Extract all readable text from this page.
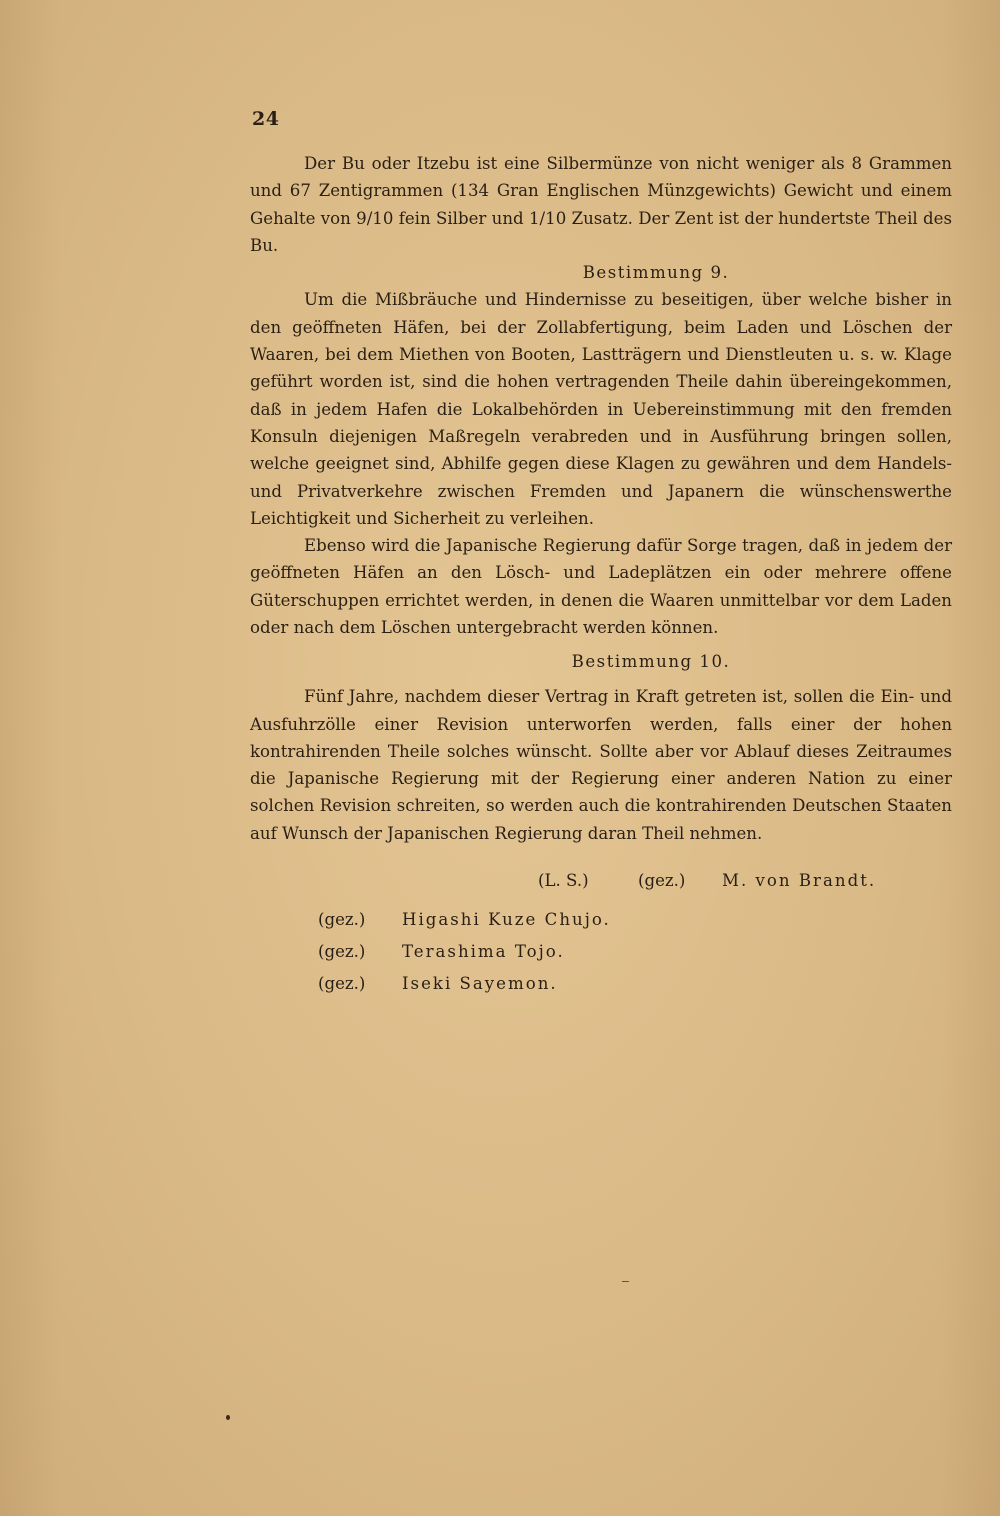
24

Der Bu oder Itzebu ist eine Silbermünze von nicht weniger als 8 Grammen und 67 Zentigrammen (134 Gran Englischen Münzgewichts) Gewicht und einem Gehalte von 9/10 fein Silber und 1/10 Zusatz. Der Zent ist der hundertste Theil des Bu.

Bestimmung 9.

Um die Mißbräuche und Hindernisse zu beseitigen, über welche bisher in den geöffneten Häfen, bei der Zollabfertigung, beim Laden und Löschen der Waaren, bei dem Miethen von Booten, Lastträgern und Dienstleuten u. s. w. Klage geführt worden ist, sind die hohen vertragenden Theile dahin übereingekommen, daß in jedem Hafen die Lokalbehörden in Uebereinstimmung mit den fremden Konsuln diejenigen Maßregeln verabreden und in Ausführung bringen sollen, welche geeignet sind, Abhilfe gegen diese Klagen zu gewähren und dem Handels- und Privatverkehre zwischen Fremden und Japanern die wünschenswerthe Leichtigkeit und Sicherheit zu verleihen.

Ebenso wird die Japanische Regierung dafür Sorge tragen, daß in jedem der geöffneten Häfen an den Lösch- und Ladeplätzen ein oder mehrere offene Güterschuppen errichtet werden, in denen die Waaren unmittelbar vor dem Laden oder nach dem Löschen untergebracht werden können.

Bestimmung 10.

Fünf Jahre, nachdem dieser Vertrag in Kraft getreten ist, sollen die Ein- und Ausfuhrzölle einer Revision unterworfen werden, falls einer der hohen kontrahirenden Theile solches wünscht. Sollte aber vor Ablauf dieses Zeitraumes die Japanische Regierung mit der Regierung einer anderen Nation zu einer solchen Revision schreiten, so werden auch die kontrahirenden Deutschen Staaten auf Wunsch der Japanischen Regierung daran Theil nehmen.

(L. S.)	(gez.) M. von Brandt.
(gez.) Higashi Kuze Chujo.
(gez.) Terashima Tojo.
(gez.) Iseki Sayemon.
